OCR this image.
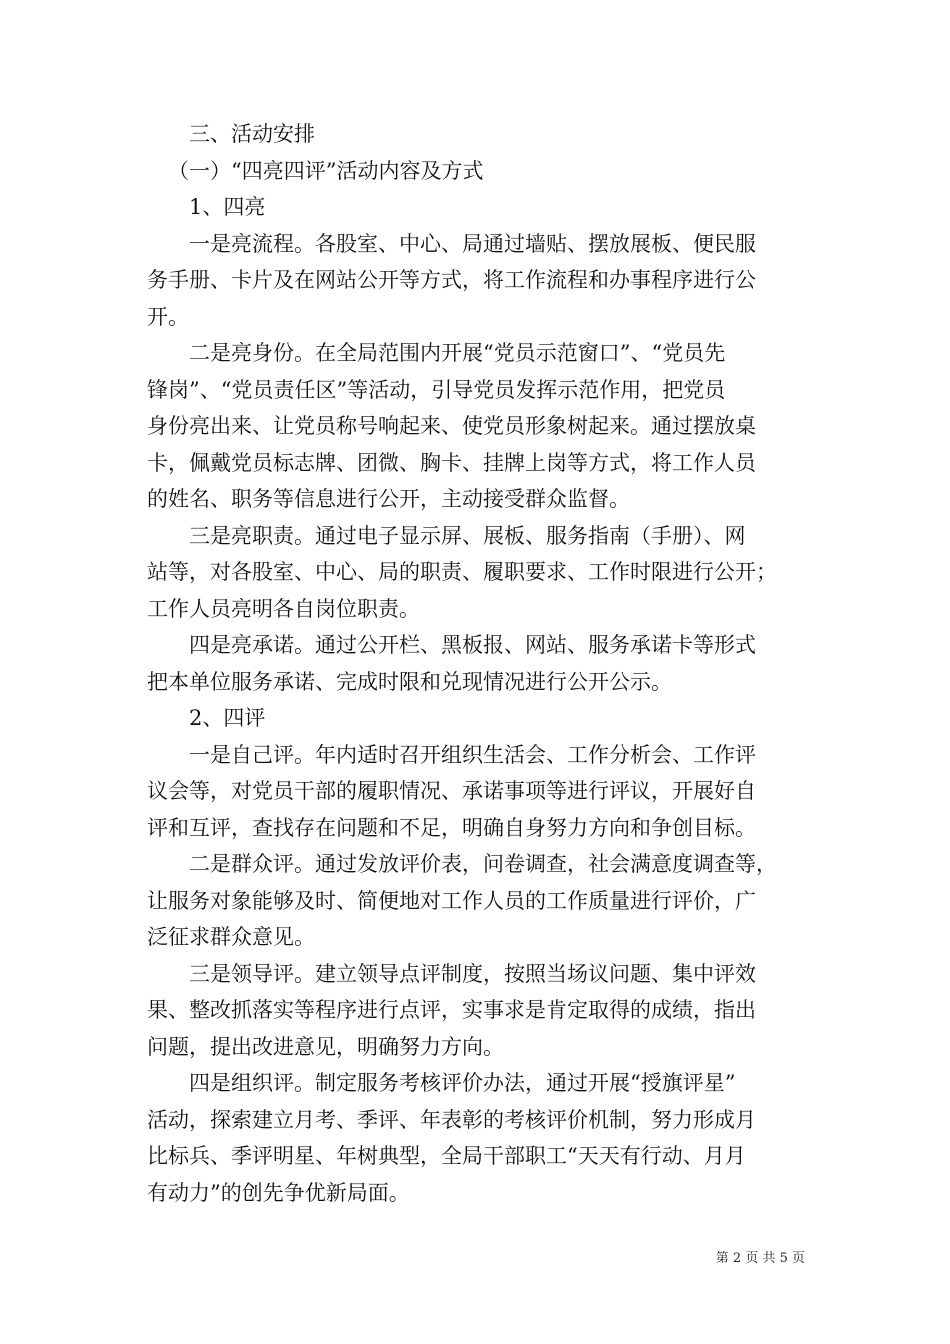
三、活动安排

（一）“四亮四评”活动内容及方式

1、四亮

一是亮流程。各股室、中心、局通过墙贴、摆放展板、便民服

务手册、卡片及在网站公开等方式，将工作流程和办事程序进行公

开。

二是亮身份。在全局范围内开展“党员示范窗口”、“党员先

锋岗”、“党员责任区”等活动，引导党员发挥示范作用，把党员

身份亮出来、让党员称号响起来、使党员形象树起来。通过摆放桌

卡，佩戴党员标志牌、团微、胸卡、挂牌上岗等方式，将工作人员

的姓名、职务等信息进行公开，主动接受群众监督。

三是亮职责。通过电子显示屏、展板、服务指南（手册）、网

站等，对各股室、中心、局的职责、履职要求、工作时限进行公开；

工作人员亮明各自岗位职责。

四是亮承诺。通过公开栏、黑板报、网站、服务承诺卡等形式

把本单位服务承诺、完成时限和兑现情况进行公开公示。

2、四评

一是自己评。年内适时召开组织生活会、工作分析会、工作评

议会等，对党员干部的履职情况、承诺事项等进行评议，开展好自

评和互评，查找存在问题和不足，明确自身努力方向和争创目标。

二是群众评。通过发放评价表，问卷调查，社会满意度调查等，

让服务对象能够及时、简便地对工作人员的工作质量进行评价，广

泛征求群众意见。

三是领导评。建立领导点评制度，按照当场议问题、集中评效

果、整改抓落实等程序进行点评，实事求是肯定取得的成绩，指出

问题，提出改进意见，明确努力方向。

四是组织评。制定服务考核评价办法，通过开展“授旗评星”

活动，探索建立月考、季评、年表彰的考核评价机制，努力形成月

比标兵、季评明星、年树典型，全局干部职工“天天有行动、月月

有动力”的创先争优新局面。

第 2 页 共 5 页
